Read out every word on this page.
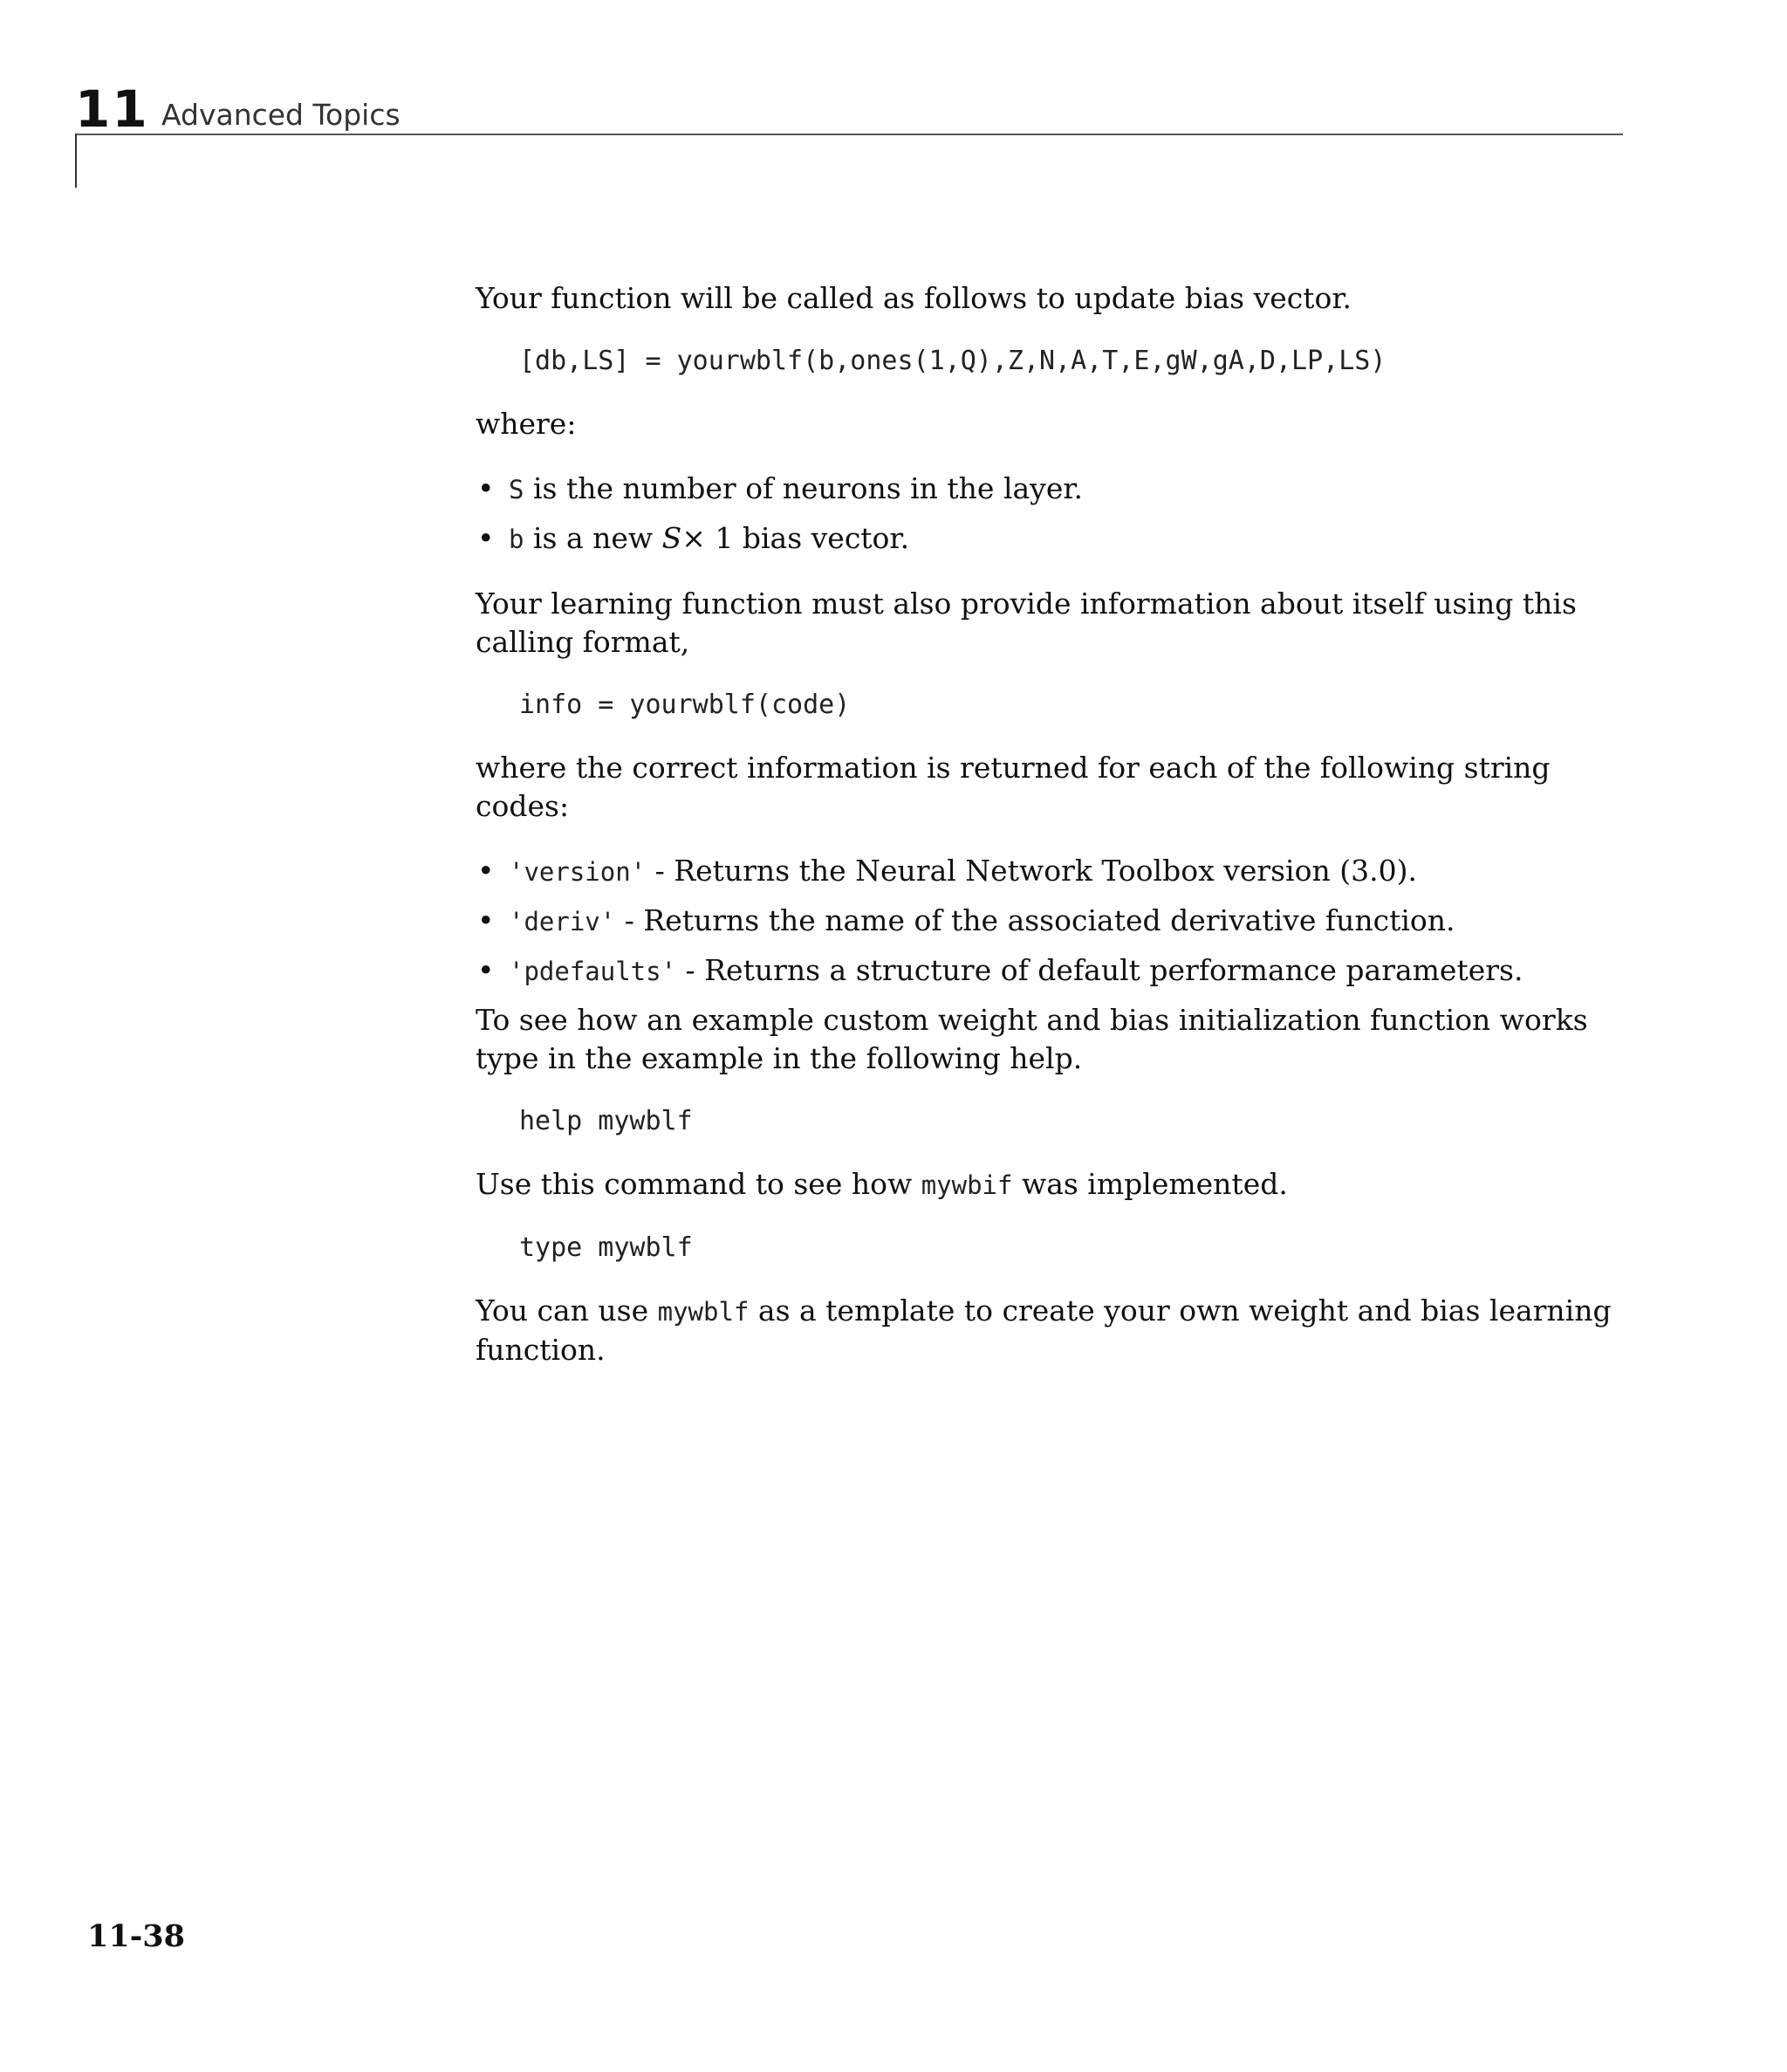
11 Advanced Topics

Your function will be called as follows to update bias vector.

[db,LS] = yourwblf(b,ones(1,Q),Z,N,A,T,E,gW,gA,D,LP,LS)

where:

• S is the number of neurons in the layer.
• b is a new S× 1 bias vector.

Your learning function must also provide information about itself using this calling format,

info = yourwblf(code)

where the correct information is returned for each of the following string codes:

• 'version' - Returns the Neural Network Toolbox version (3.0).
• 'deriv' - Returns the name of the associated derivative function.
• 'pdefaults' - Returns a structure of default performance parameters.

To see how an example custom weight and bias initialization function works type in the example in the following help.

help mywblf

Use this command to see how mywbif was implemented.

type mywblf

You can use mywblf as a template to create your own weight and bias learning function.

11-38
